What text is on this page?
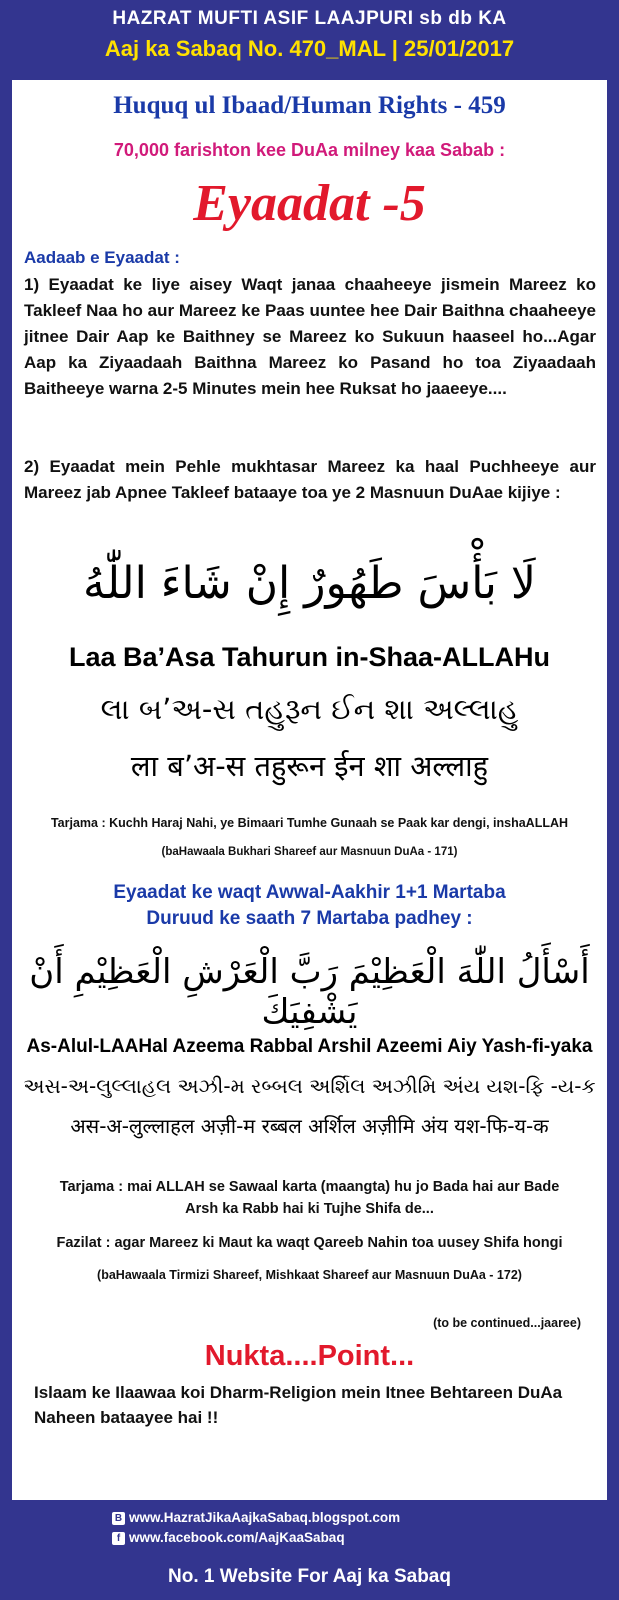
HAZRAT MUFTI ASIF LAAJPURI sb db KA
Aaj ka Sabaq No. 470_MAL | 25/01/2017
Huquq ul Ibaad/Human Rights - 459
70,000 farishton kee DuAa milney kaa Sabab :
Eyaadat -5
Aadaab e Eyaadat :
1) Eyaadat ke liye aisey Waqt janaa chaaheeye jismein Mareez ko Takleef Naa ho aur Mareez ke Paas uuntee hee Dair Baithna chaaheeye jitnee Dair Aap ke Baithney se Mareez ko Sukuun haaseel ho...Agar Aap ka Ziyaadaah Baithna Mareez ko Pasand ho toa Ziyaadaah Baitheeye warna 2-5 Minutes mein hee Ruksat ho jaaeeye....
2) Eyaadat mein Pehle mukhtasar Mareez ka haal Puchheeye aur Mareez jab Apnee Takleef bataaye toa ye 2 Masnuun DuAae kijiye :
لَا بَأْسَ طَهُورٌ إِنْ شَاءَ اللّٰهُ
Laa Ba’Asa Tahurun in-Shaa-ALLAHu
લા બ’અ-સ તહુરૂન ઈન શા અલ્લાહુ
ला ब’अ-स तहुरून ईन शा अल्लाहु
Tarjama : Kuchh Haraj Nahi, ye Bimaari Tumhe Gunaah se Paak kar dengi, inshaALLAH
(baHawaala Bukhari Shareef aur Masnuun DuAa - 171)
Eyaadat ke waqt Awwal-Aakhir 1+1 Martaba
Duruud ke saath 7 Martaba padhey :
أَسْأَلُ اللّٰهَ الْعَظِيْمَ رَبَّ الْعَرْشِ الْعَظِيْمِ أَنْ يَشْفِيَكَ
As-Alul-LAAHal Azeema Rabbal Arshil Azeemi Aiy Yash-fi-yaka
અસ-અ-લુલ્લાહલ અઝી-મ રબ્બલ અર્શિલ અઝીમિ અંય યશ-ફિ -ય-ક
अस-अ-लुल्लाहल अज़ी-म रब्बल अर्शिल अज़ीमि अंय यश-फि-य-क
Tarjama : mai ALLAH se Sawaal karta (maangta) hu jo Bada hai aur Bade
Arsh ka Rabb hai ki Tujhe Shifa de...
Fazilat : agar Mareez ki Maut ka waqt Qareeb Nahin toa uusey Shifa hongi
(baHawaala Tirmizi Shareef, Mishkaat Shareef aur Masnuun DuAa - 172)
(to be continued...jaaree)
Nukta....Point...
Islaam ke Ilaawaa koi Dharm-Religion mein Itnee Behtareen DuAa Naheen bataayee hai !!
B www.HazratJikaAajkaSabaq.blogspot.com
f www.facebook.com/AajKaaSabaq
No. 1 Website For Aaj ka Sabaq
